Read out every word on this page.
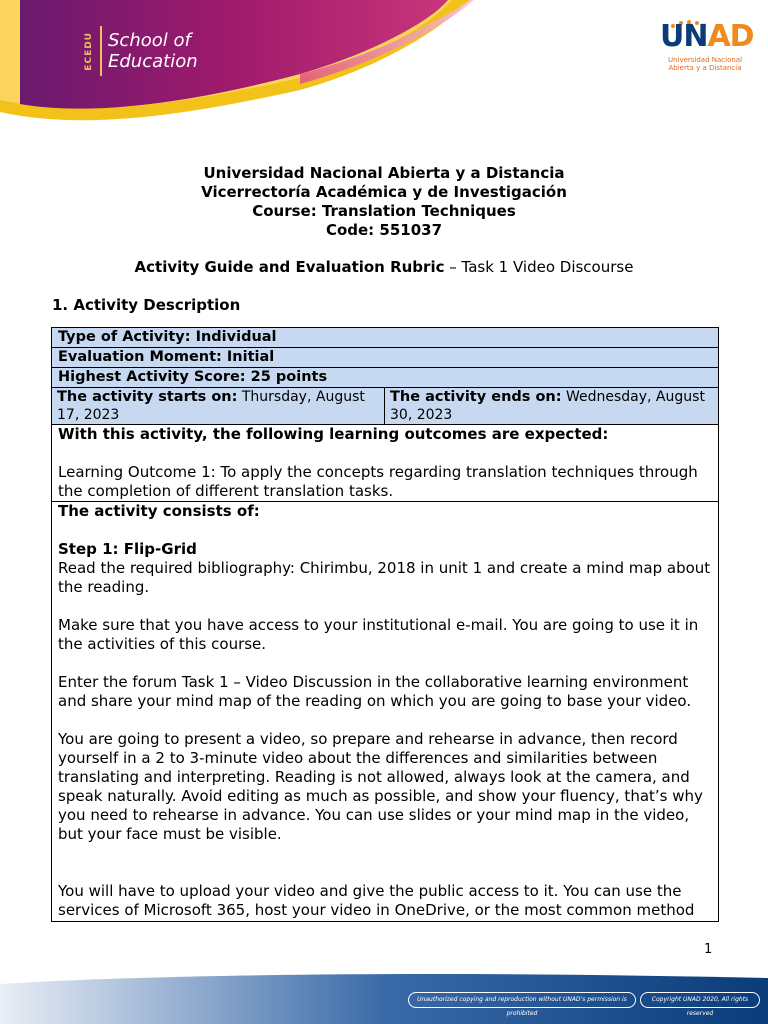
ECEDU School of
Education
UNAD
Universidad Nacional
Abierta y a Distancia
Universidad Nacional Abierta y a Distancia
Vicerrectoría Académica y de Investigación
Course: Translation Techniques
Code: 551037
Activity Guide and Evaluation Rubric – Task 1 Video Discourse
1. Activity Description
Type of Activity: Individual
Evaluation Moment: Initial
Highest Activity Score: 25 points
The activity starts on: Thursday, August 17, 2023
The activity ends on: Wednesday, August 30, 2023
With this activity, the following learning outcomes are expected:
Learning Outcome 1: To apply the concepts regarding translation techniques through the completion of different translation tasks.
The activity consists of:
Step 1: Flip-Grid
Read the required bibliography: Chirimbu, 2018 in unit 1 and create a mind map about the reading.
Make sure that you have access to your institutional e-mail. You are going to use it in the activities of this course.
Enter the forum Task 1 – Video Discussion in the collaborative learning environment and share your mind map of the reading on which you are going to base your video.
You are going to present a video, so prepare and rehearse in advance, then record yourself in a 2 to 3-minute video about the differences and similarities between translating and interpreting. Reading is not allowed, always look at the camera, and speak naturally. Avoid editing as much as possible, and show your fluency, that’s why you need to rehearse in advance. You can use slides or your mind map in the video, but your face must be visible.
You will have to upload your video and give the public access to it. You can use the services of Microsoft 365, host your video in OneDrive, or the most common method
1
Unauthorized copying and reproduction without UNAD's permission is prohibited
Copyright UNAD 2020, All rights reserved
